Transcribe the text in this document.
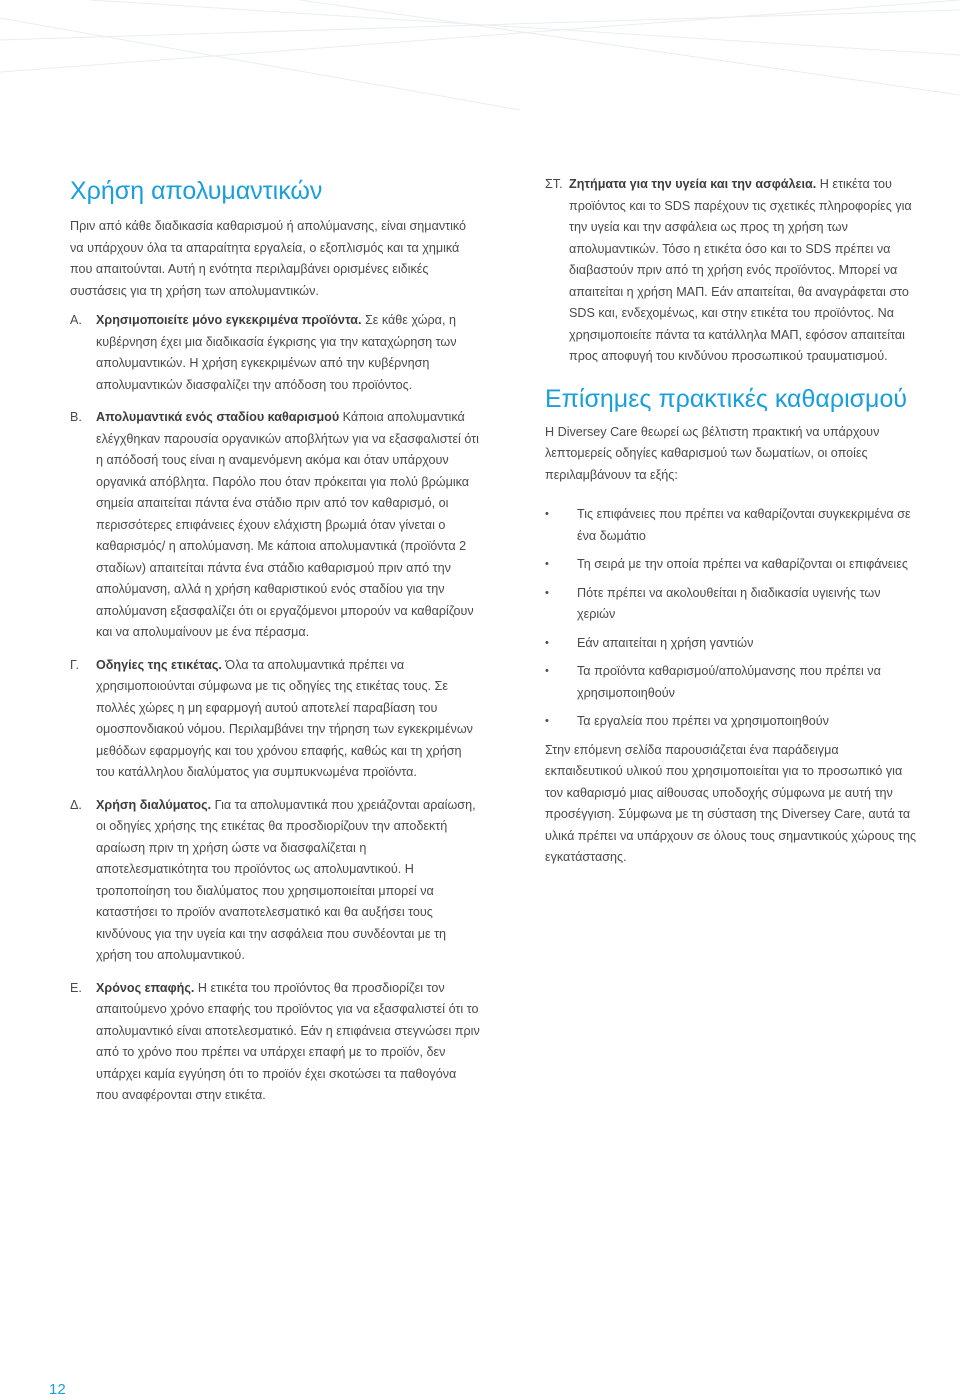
Χρήση απολυμαντικών

Πριν από κάθε διαδικασία καθαρισμού ή απολύμανσης, είναι σημαντικό να υπάρχουν όλα τα απαραίτητα εργαλεία, ο εξοπλισμός και τα χημικά που απαιτούνται. Αυτή η ενότητα περιλαμβάνει ορισμένες ειδικές συστάσεις για τη χρήση των απολυμαντικών.

Α.	Χρησιμοποιείτε μόνο εγκεκριμένα προϊόντα. Σε κάθε χώρα, η κυβέρνηση έχει μια διαδικασία έγκρισης για την καταχώρηση των απολυμαντικών. Η χρήση εγκεκριμένων από την κυβέρνηση απολυμαντικών διασφαλίζει την απόδοση του προϊόντος.
Β.	Απολυμαντικά ενός σταδίου καθαρισμού Κάποια απολυμαντικά ελέγχθηκαν παρουσία οργανικών αποβλήτων για να εξασφαλιστεί ότι η απόδοσή τους είναι η αναμενόμενη ακόμα και όταν υπάρχουν οργανικά απόβλητα. Παρόλο που όταν πρόκειται για πολύ βρώμικα σημεία απαιτείται πάντα ένα στάδιο πριν από τον καθαρισμό, οι περισσότερες επιφάνειες έχουν ελάχιστη βρωμιά όταν γίνεται ο καθαρισμός/ η απολύμανση. Με κάποια απολυμαντικά (προϊόντα 2 σταδίων) απαιτείται πάντα ένα στάδιο καθαρισμού πριν από την απολύμανση, αλλά η χρήση καθαριστικού ενός σταδίου για την απολύμανση εξασφαλίζει ότι οι εργαζόμενοι μπορούν να καθαρίζουν και να απολυμαίνουν με ένα πέρασμα.
Γ.	Οδηγίες της ετικέτας. Όλα τα απολυμαντικά πρέπει να χρησιμοποιούνται σύμφωνα με τις οδηγίες της ετικέτας τους. Σε πολλές χώρες η μη εφαρμογή αυτού αποτελεί παραβίαση του ομοσπονδιακού νόμου. Περιλαμβάνει την τήρηση των εγκεκριμένων μεθόδων εφαρμογής και του χρόνου επαφής, καθώς και τη χρήση του κατάλληλου διαλύματος για συμπυκνωμένα προϊόντα.
Δ.	Χρήση διαλύματος. Για τα απολυμαντικά που χρειάζονται αραίωση, οι οδηγίες χρήσης της ετικέτας θα προσδιορίζουν την αποδεκτή αραίωση πριν τη χρήση ώστε να διασφαλίζεται η αποτελεσματικότητα του προϊόντος ως απολυμαντικού. Η τροποποίηση του διαλύματος που χρησιμοποιείται μπορεί να καταστήσει το προϊόν αναποτελεσματικό και θα αυξήσει τους κινδύνους για την υγεία και την ασφάλεια που συνδέονται με τη χρήση του απολυμαντικού.
Ε.	Χρόνος επαφής. Η ετικέτα του προϊόντος θα προσδιορίζει τον απαιτούμενο χρόνο επαφής του προϊόντος για να εξασφαλιστεί ότι το απολυμαντικό είναι αποτελεσματικό. Εάν η επιφάνεια στεγνώσει πριν από το χρόνο που πρέπει να υπάρχει επαφή με το προϊόν, δεν υπάρχει καμία εγγύηση ότι το προϊόν έχει σκοτώσει τα παθογόνα που αναφέρονται στην ετικέτα.
ΣΤ. Ζητήματα για την υγεία και την ασφάλεια. Η ετικέτα του προϊόντος και το SDS παρέχουν τις σχετικές πληροφορίες για την υγεία και την ασφάλεια ως προς τη χρήση των απολυμαντικών. Τόσο η ετικέτα όσο και το SDS πρέπει να διαβαστούν πριν από τη χρήση ενός προϊόντος. Μπορεί να απαιτείται η χρήση ΜΑΠ. Εάν απαιτείται, θα αναγράφεται στο SDS και, ενδεχομένως, και στην ετικέτα του προϊόντος. Να χρησιμοποιείτε πάντα τα κατάλληλα ΜΑΠ, εφόσον απαιτείται προς αποφυγή του κινδύνου προσωπικού τραυματισμού.
Επίσημες πρακτικές καθαρισμού

Η Diversey Care θεωρεί ως βέλτιστη πρακτική να υπάρχουν λεπτομερείς οδηγίες καθαρισμού των δωματίων, οι οποίες περιλαμβάνουν τα εξής:

•	Τις επιφάνειες που πρέπει να καθαρίζονται συγκεκριμένα σε ένα δωμάτιο
•	Τη σειρά με την οποία πρέπει να καθαρίζονται οι επιφάνειες
•	Πότε πρέπει να ακολουθείται η διαδικασία υγιεινής των χεριών
•	Εάν απαιτείται η χρήση γαντιών
•	Τα προϊόντα καθαρισμού/απολύμανσης που πρέπει να χρησιμοποιηθούν
•	Τα εργαλεία που πρέπει να χρησιμοποιηθούν

Στην επόμενη σελίδα παρουσιάζεται ένα παράδειγμα εκπαιδευτικού υλικού που χρησιμοποιείται για το προσωπικό για τον καθαρισμό μιας αίθουσας υποδοχής σύμφωνα με αυτή την προσέγγιση. Σύμφωνα με τη σύσταση της Diversey Care, αυτά τα υλικά πρέπει να υπάρχουν σε όλους τους σημαντικούς χώρους της εγκατάστασης.

12
